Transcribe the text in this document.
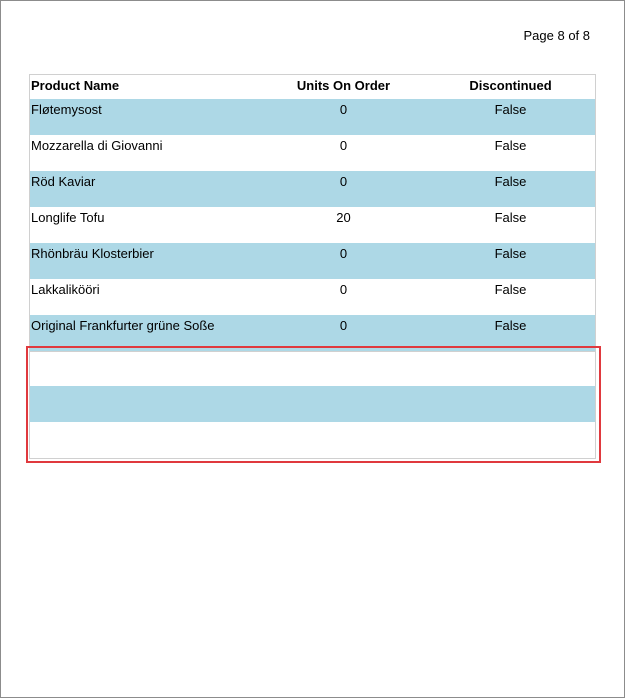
Page 8 of 8
Product Name	Units On Order	Discontinued
Fløtemysost	0	False
Mozzarella di Giovanni	0	False
Röd Kaviar	0	False
Longlife Tofu	20	False
Rhönbräu Klosterbier	0	False
Lakkalikööri	0	False
Original Frankfurter grüne Soße	0	False
